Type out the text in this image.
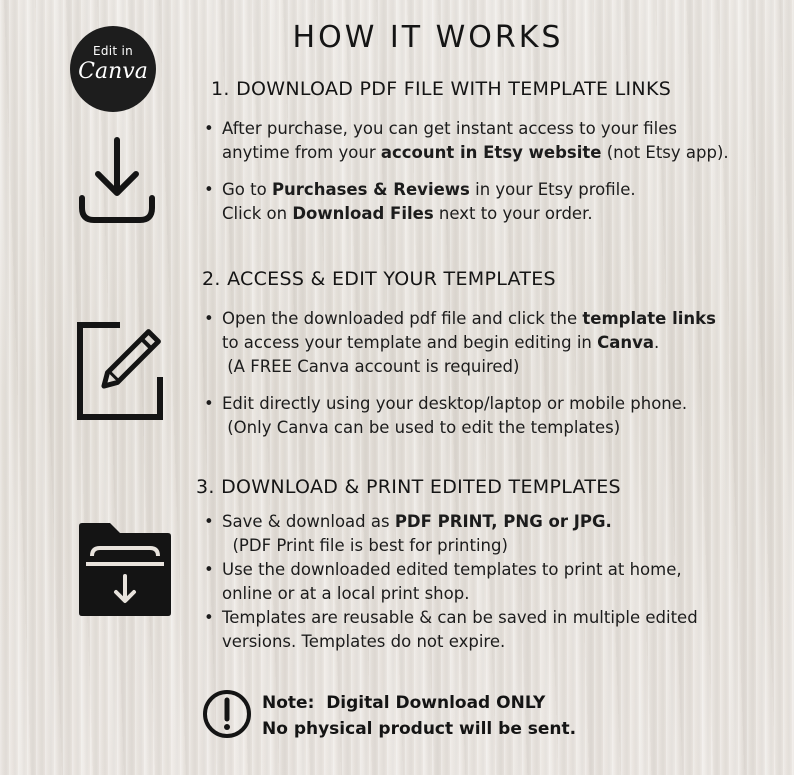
HOW IT WORKS
Edit in
Canva
1. DOWNLOAD PDF FILE WITH TEMPLATE LINKS
• After purchase, you can get instant access to your files
anytime from your account in Etsy website (not Etsy app).
• Go to Purchases & Reviews in your Etsy profile.
Click on Download Files next to your order.
2. ACCESS & EDIT YOUR TEMPLATES
• Open the downloaded pdf file and click the template links
to access your template and begin editing in Canva.
(A FREE Canva account is required)
• Edit directly using your desktop/laptop or mobile phone.
(Only Canva can be used to edit the templates)
3. DOWNLOAD & PRINT EDITED TEMPLATES
• Save & download as PDF PRINT, PNG or JPG.
(PDF Print file is best for printing)
• Use the downloaded edited templates to print at home,
online or at a local print shop.
• Templates are reusable & can be saved in multiple edited
versions. Templates do not expire.
Note:  Digital Download ONLY
No physical product will be sent.
